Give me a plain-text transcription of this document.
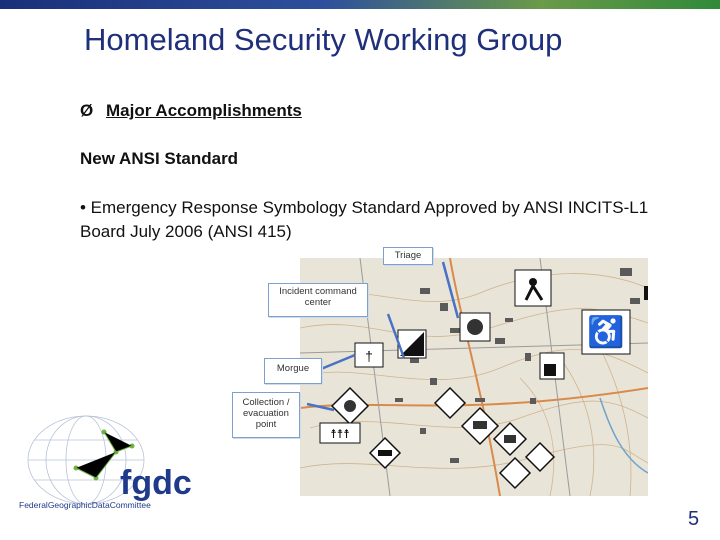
Homeland Security Working Group
Ø Major Accomplishments
New ANSI Standard
• Emergency Response Symbology Standard Approved by ANSI INCITS-L1 Board July 2006 (ANSI 415)
♿
†
☨☨☨
Triage
Incident command center
Morgue
Collection / evacuation point
fgdc
FederalGeographicDataCommittee
5
